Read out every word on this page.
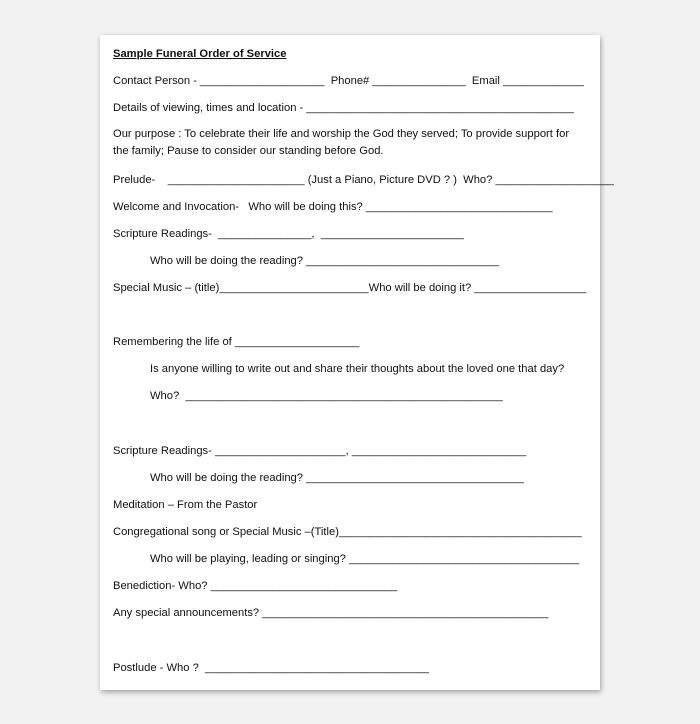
Sample Funeral Order of Service
Contact Person - ____________________  Phone# _______________  Email _____________
Details of viewing, times and location - ___________________________________________
Our purpose : To celebrate their life and worship the God they served; To provide support for the family; Pause to consider our standing before God.
Prelude-    ______________________ (Just a Piano, Picture DVD ? )  Who? ___________________
Welcome and Invocation-   Who will be doing this? ______________________________
Scripture Readings-  _______________,  _______________________
Who will be doing the reading? _______________________________
Special Music – (title)________________________Who will be doing it? __________________
Remembering the life of ____________________
Is anyone willing to write out and share their thoughts about the loved one that day?
Who?  ___________________________________________________
Scripture Readings- _____________________, ____________________________
Who will be doing the reading? ___________________________________
Meditation – From the Pastor
Congregational song or Special Music –(Title)_______________________________________
Who will be playing, leading or singing? _____________________________________
Benediction- Who? ______________________________
Any special announcements? ______________________________________________
Postlude - Who ?  ____________________________________
